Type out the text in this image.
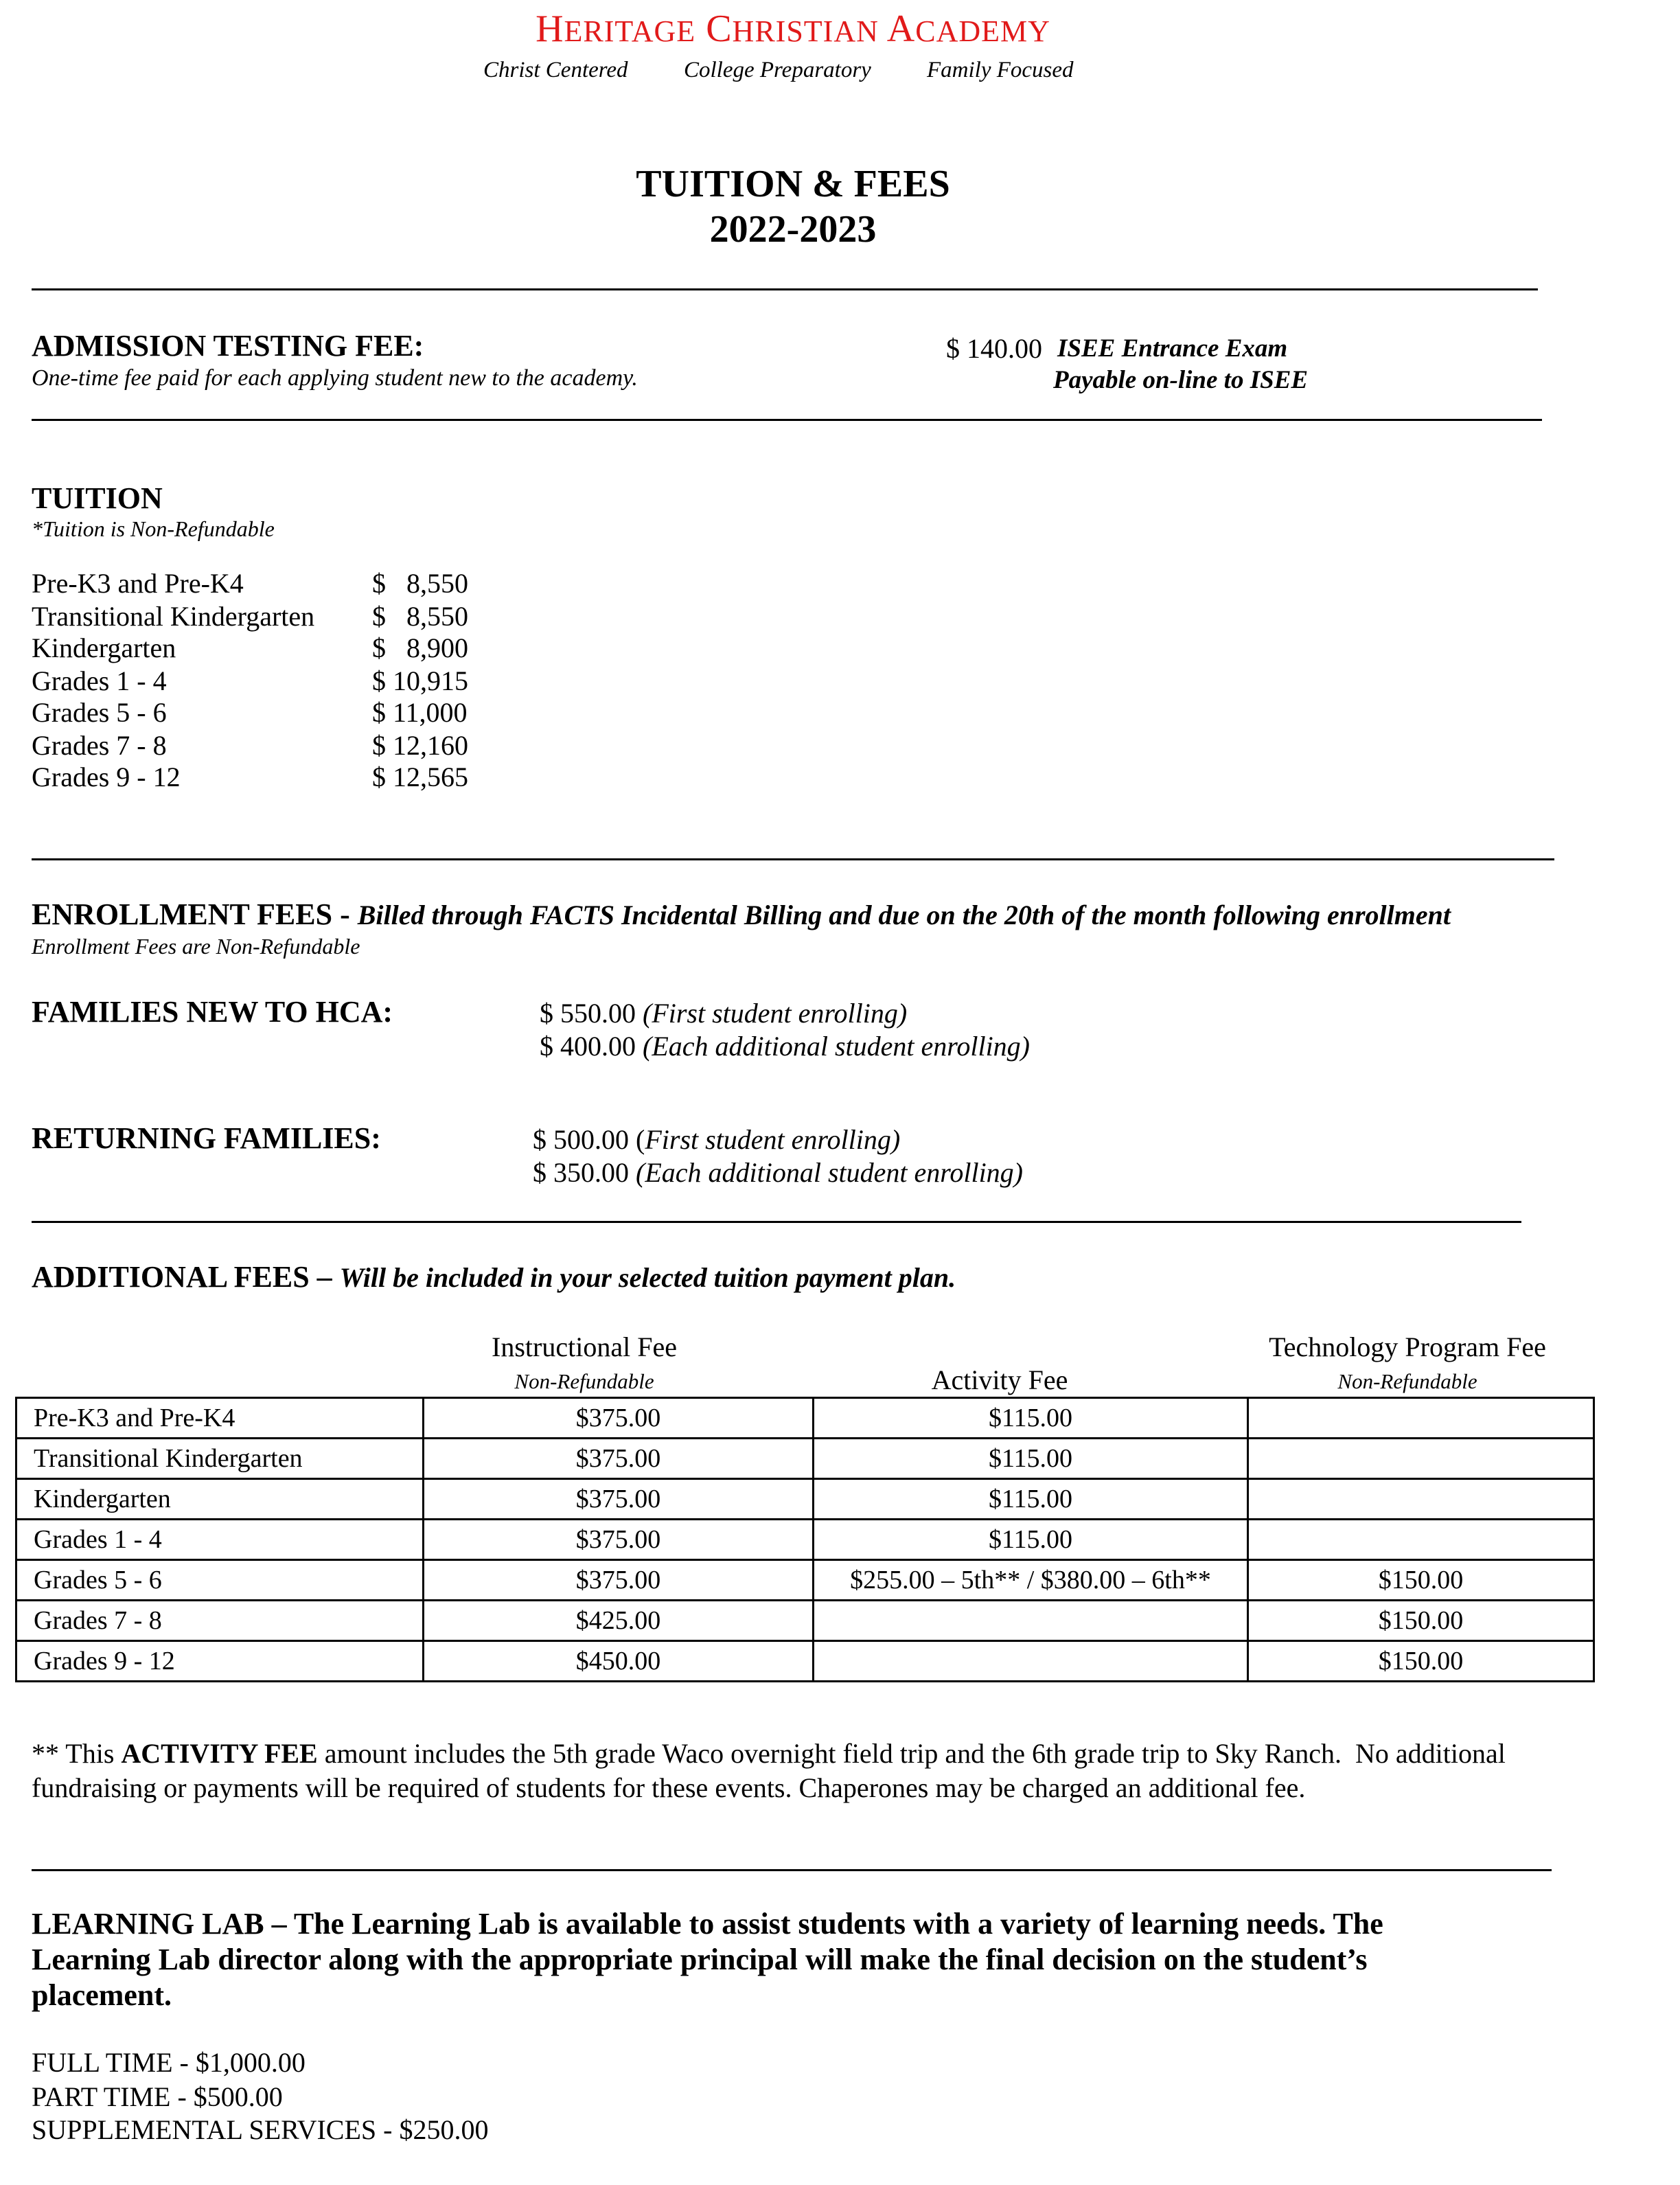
HERITAGE CHRISTIAN ACADEMY
Christ Centered College Preparatory Family Focused
TUITION & FEES
2022-2023
ADMISSION TESTING FEE:
One-time fee paid for each applying student new to the academy.
$ 140.00 ISEE Entrance Exam
Payable on-line to ISEE
TUITION
*Tuition is Non-Refundable
Pre-K3 and Pre-K4	$   8,550
Transitional Kindergarten $   8,550
Kindergarten	$   8,900
Grades 1 - 4	$ 10,915
Grades 5 - 6	$ 11,000
Grades 7 - 8	$ 12,160
Grades 9 - 12	$ 12,565
ENROLLMENT FEES - Billed through FACTS Incidental Billing and due on the 20th of the month following enrollment
Enrollment Fees are Non-Refundable
FAMILIES NEW TO HCA:	$ 550.00 (First student enrolling)
$ 400.00 (Each additional student enrolling)
RETURNING FAMILIES:	$ 500.00 (First student enrolling)
$ 350.00 (Each additional student enrolling)
ADDITIONAL FEES – Will be included in your selected tuition payment plan.
Instructional Fee
Non-Refundable	Activity Fee
Technology Program Fee
Non-Refundable
Pre-K3 and Pre-K4	$375.00	$115.00	
Transitional Kindergarten	$375.00	$115.00	
Kindergarten	$375.00	$115.00	
Grades 1 - 4	$375.00	$115.00	
Grades 5 - 6	$375.00	$255.00 – 5th** / $380.00 – 6th**	$150.00
Grades 7 - 8	$425.00		$150.00
Grades 9 - 12	$450.00		$150.00
** This ACTIVITY FEE amount includes the 5th grade Waco overnight field trip and the 6th grade trip to Sky Ranch.  No additional
fundraising or payments will be required of students for these events. Chaperones may be charged an additional fee.
LEARNING LAB – The Learning Lab is available to assist students with a variety of learning needs. The
Learning Lab director along with the appropriate principal will make the final decision on the student’s
placement.
FULL TIME - $1,000.00
PART TIME - $500.00
SUPPLEMENTAL SERVICES - $250.00
